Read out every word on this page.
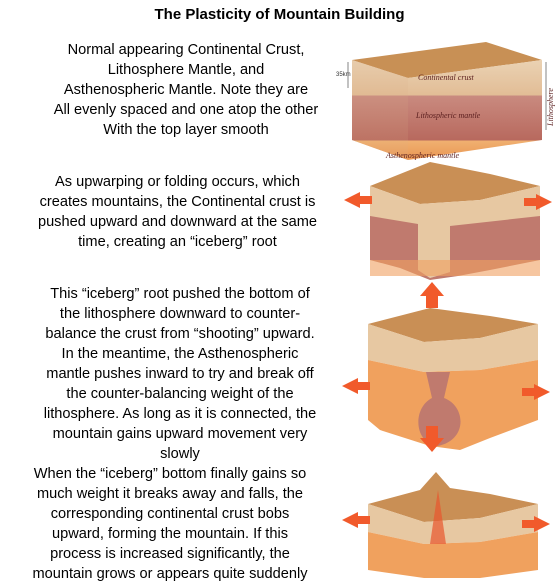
The Plasticity of Mountain Building
Normal appearing Continental Crust,
Lithosphere Mantle, and
Asthenospheric Mantle. Note they are
All evenly spaced and one atop the other
With the top layer smooth
As upwarping or folding occurs, which
creates mountains, the Continental crust is
pushed upward and downward at the same
time, creating an “iceberg” root
This “iceberg” root pushed the bottom of
the lithosphere downward to counter-
balance the crust from “shooting” upward.
In the meantime, the Asthenospheric
mantle pushes inward to try and break off
the counter-balancing weight of the
lithosphere. As long as it is connected, the
mountain gains upward movement very
slowly
When the “iceberg” bottom finally gains so
much weight it breaks away and falls, the
corresponding continental crust bobs
upward, forming the mountain. If this
process is increased significantly, the
mountain grows or appears quite suddenly
35km	Continental crust
Lithospheric mantle
Asthenospheric mantle
Lithosphere
